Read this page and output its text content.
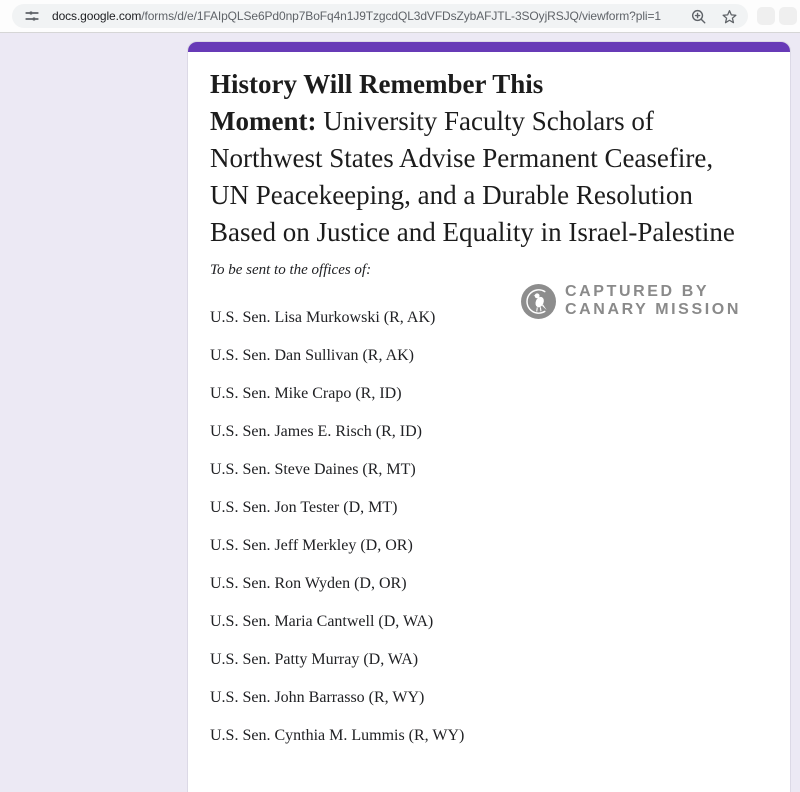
docs.google.com/forms/d/e/1FAIpQLSe6Pd0np7BoFq4n1J9TzgcdQL3dVFDsZybAFJTL-3SOyjRSJQ/viewform?pli=1
History Will Remember This
Moment: University Faculty Scholars of Northwest States Advise Permanent Ceasefire, UN Peacekeeping, and a Durable Resolution Based on Justice and Equality in Israel-Palestine

To be sent to the offices of:

U.S. Sen. Lisa Murkowski (R, AK)

U.S. Sen. Dan Sullivan (R, AK)

U.S. Sen. Mike Crapo (R, ID)

U.S. Sen. James E. Risch (R, ID)

U.S. Sen. Steve Daines (R, MT)

U.S. Sen. Jon Tester (D, MT)

U.S. Sen. Jeff Merkley (D, OR)

U.S. Sen. Ron Wyden (D, OR)

U.S. Sen. Maria Cantwell (D, WA)

U.S. Sen. Patty Murray (D, WA)

U.S. Sen. John Barrasso (R, WY)

U.S. Sen. Cynthia M. Lummis (R, WY)

CAPTURED BY
CANARY MISSION
